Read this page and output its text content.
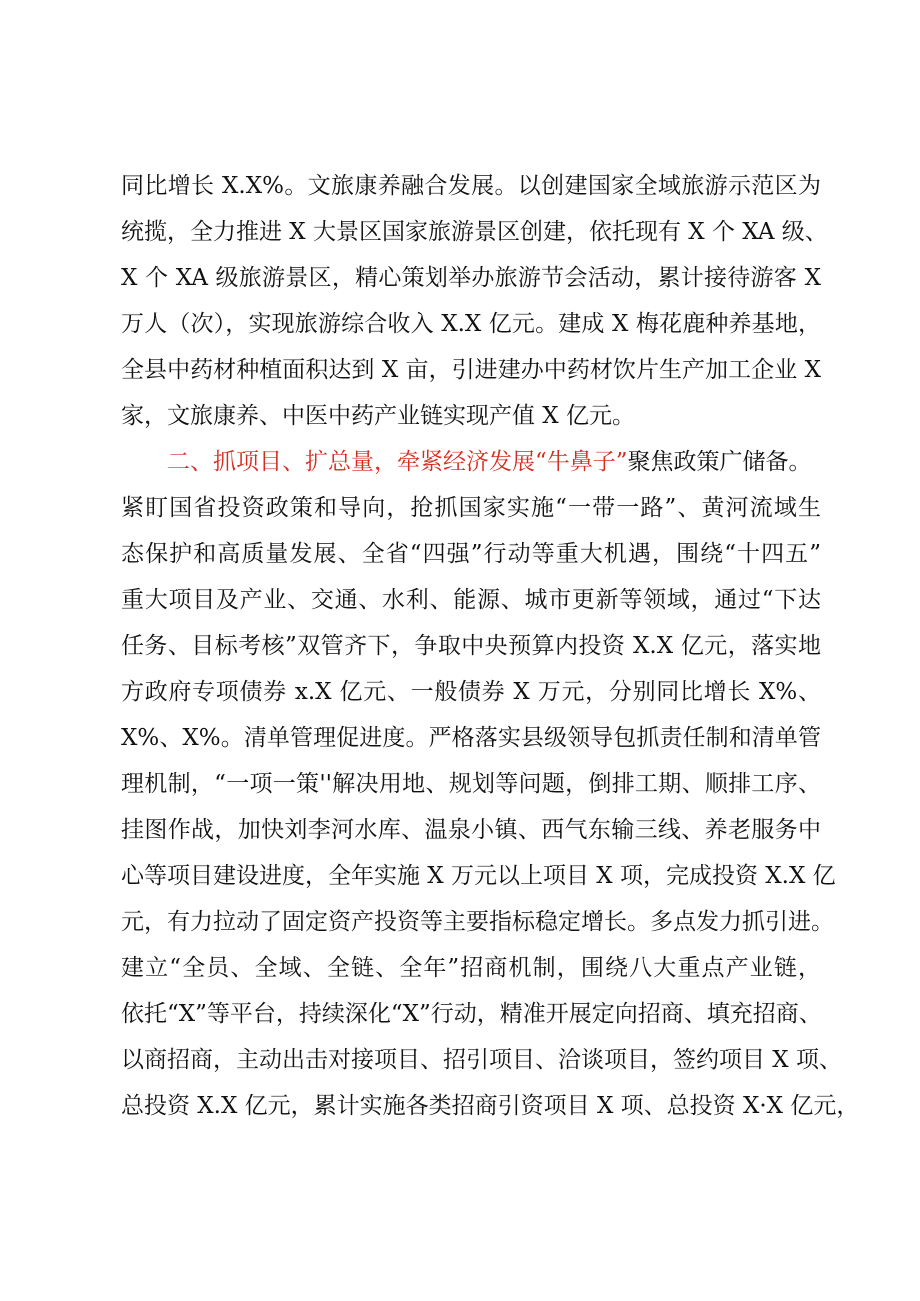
同比增长 X.X%。文旅康养融合发展。以创建国家全域旅游示范区为
统揽，全力推进 X 大景区国家旅游景区创建，依托现有 X 个 XA 级、
X 个 XA 级旅游景区，精心策划举办旅游节会活动，累计接待游客 X
万人（次），实现旅游综合收入 X.X 亿元。建成 X 梅花鹿种养基地，
全县中药材种植面积达到 X 亩，引进建办中药材饮片生产加工企业 X
家，文旅康养、中医中药产业链实现产值 X 亿元。
二、抓项目、扩总量，牵紧经济发展“牛鼻子”聚焦政策广储备。
紧盯国省投资政策和导向，抢抓国家实施“一带一路”、黄河流域生
态保护和高质量发展、全省“四强”行动等重大机遇，围绕“十四五”
重大项目及产业、交通、水利、能源、城市更新等领域，通过“下达
任务、目标考核”双管齐下，争取中央预算内投资 X.X 亿元，落实地
方政府专项债券 x.X 亿元、一般债券 X 万元，分别同比增长 X%、
X%、X%。清单管理促进度。严格落实县级领导包抓责任制和清单管
理机制，“一项一策''解决用地、规划等问题，倒排工期、顺排工序、
挂图作战，加快刘李河水库、温泉小镇、西气东输三线、养老服务中
心等项目建设进度，全年实施 X 万元以上项目 X 项，完成投资 X.X 亿
元，有力拉动了固定资产投资等主要指标稳定增长。多点发力抓引进。
建立“全员、全域、全链、全年”招商机制，围绕八大重点产业链，
依托“X”等平台，持续深化“X”行动，精准开展定向招商、填充招商、
以商招商，主动出击对接项目、招引项目、洽谈项目，签约项目 X 项、
总投资 X.X 亿元，累计实施各类招商引资项目 X 项、总投资 X·X 亿元，
